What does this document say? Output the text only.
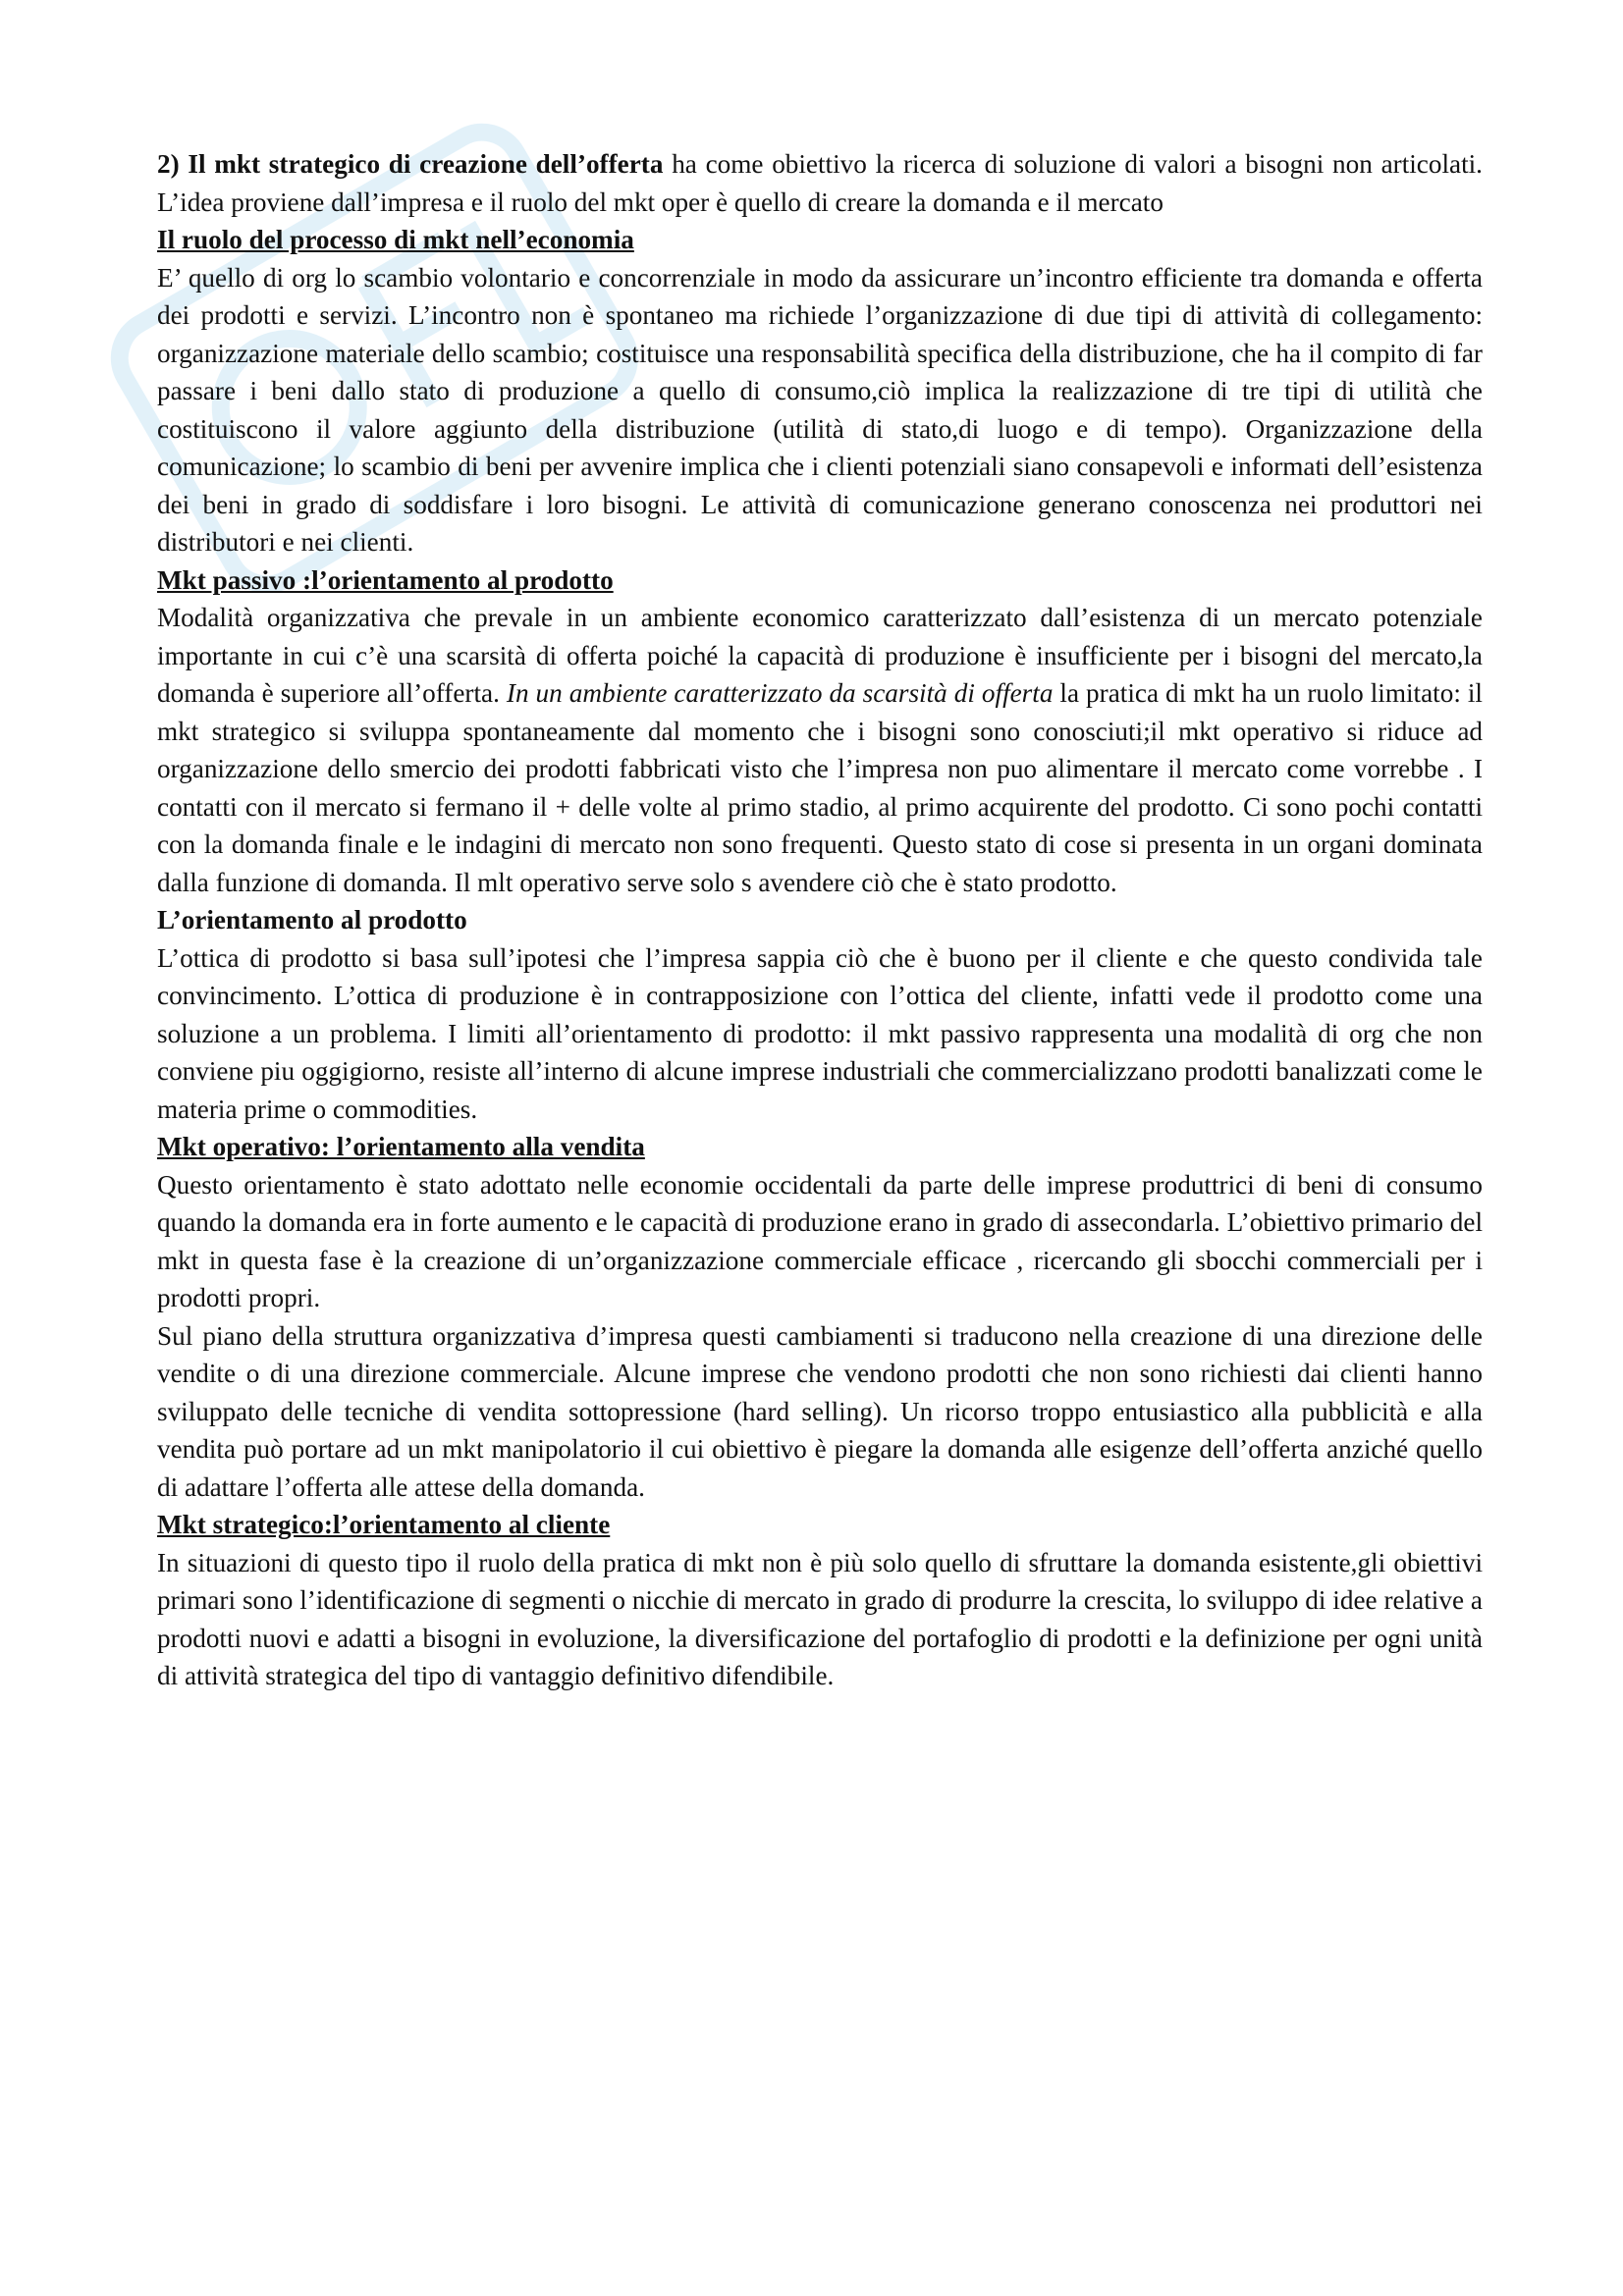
2) Il mkt strategico di creazione dell’offerta ha come obiettivo la ricerca di soluzione di valori a bisogni non articolati. L’idea proviene dall’impresa e il ruolo del mkt oper è quello di creare la domanda e il mercato

Il ruolo del processo di mkt nell’economia

E’ quello di org lo scambio volontario e concorrenziale in modo da assicurare un’incontro efficiente tra domanda e offerta dei prodotti e servizi. L’incontro non è spontaneo ma richiede l’organizzazione di due tipi di attività di collegamento: organizzazione materiale dello scambio; costituisce una responsabilità specifica della distribuzione, che ha il compito di far passare i beni dallo stato di produzione a quello di consumo,ciò implica la realizzazione di tre tipi di utilità che costituiscono il valore aggiunto della distribuzione (utilità di stato,di luogo e di tempo). Organizzazione della comunicazione; lo scambio di beni per avvenire implica che i clienti potenziali siano consapevoli e informati dell’esistenza dei beni in grado di soddisfare i loro bisogni. Le attività di comunicazione generano conoscenza nei produttori nei distributori e nei clienti.

Mkt passivo :l’orientamento al prodotto

Modalità organizzativa che prevale in un ambiente economico caratterizzato dall’esistenza di un mercato potenziale importante in cui c’è una scarsità di offerta poiché la capacità di produzione è insufficiente per i bisogni del mercato,la domanda è superiore all’offerta. In un ambiente caratterizzato da scarsità di offerta la pratica di mkt ha un ruolo limitato: il mkt strategico si sviluppa spontaneamente dal momento che i bisogni sono conosciuti;il mkt operativo si riduce ad organizzazione dello smercio dei prodotti fabbricati visto che l’impresa non puo alimentare il mercato come vorrebbe . I contatti con il mercato si fermano il + delle volte al primo stadio, al primo acquirente del prodotto. Ci sono pochi contatti con la domanda finale e le indagini di mercato non sono frequenti. Questo stato di cose si presenta in un organi dominata dalla funzione di domanda. Il mlt operativo serve solo s avendere ciò che è stato prodotto.

L’orientamento al prodotto

L’ottica di prodotto si basa sull’ipotesi che l’impresa sappia ciò che è buono per il cliente e che questo condivida tale convincimento. L’ottica di produzione è in contrapposizione con l’ottica del cliente, infatti vede il prodotto come una soluzione a un problema. I limiti all’orientamento di prodotto: il mkt passivo rappresenta una modalità di org che non conviene piu oggigiorno, resiste all’interno di alcune imprese industriali che commercializzano prodotti banalizzati come le materia prime o commodities.

Mkt operativo: l’orientamento alla vendita

Questo orientamento è stato adottato nelle economie occidentali da parte delle imprese produttrici di beni di consumo quando la domanda era in forte aumento e le capacità di produzione erano in grado di assecondarla. L’obiettivo primario del mkt in questa fase è la creazione di un’organizzazione commerciale efficace , ricercando gli sbocchi commerciali per i prodotti propri.

Sul piano della struttura organizzativa d’impresa questi cambiamenti si traducono nella creazione di una direzione delle vendite o di una direzione commerciale. Alcune imprese che vendono prodotti che non sono richiesti dai clienti hanno sviluppato delle tecniche di vendita sottopressione (hard selling). Un ricorso troppo entusiastico alla pubblicità e alla vendita può portare ad un mkt manipolatorio il cui obiettivo è piegare la domanda alle esigenze dell’offerta anziché quello di adattare l’offerta alle attese della domanda.

Mkt strategico:l’orientamento al cliente

In situazioni di questo tipo il ruolo della pratica di mkt non è più solo quello di sfruttare la domanda esistente,gli obiettivi primari sono l’identificazione di segmenti o nicchie di mercato in grado di produrre la crescita, lo sviluppo di idee relative a prodotti nuovi e adatti a bisogni in evoluzione, la diversificazione del portafoglio di prodotti e la definizione per ogni unità di attività strategica del tipo di vantaggio definitivo difendibile.
